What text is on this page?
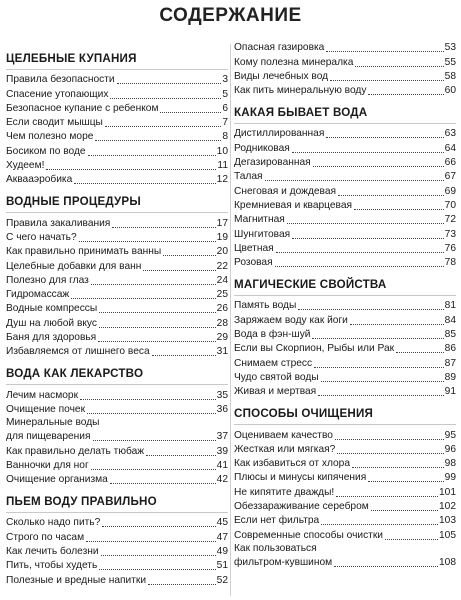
СОДЕРЖАНИЕ
ЦЕЛЕБНЫЕ КУПАНИЯ
Правила безопасности	3
Спасение утопающих	5
Безопасное купание с ребенком	6
Если сводит мышцы	7
Чем полезно море	8
Босиком по воде	10
Худеем!	11
Аквааэробика	12
ВОДНЫЕ ПРОЦЕДУРЫ
Правила закаливания	17
С чего начать?	19
Как правильно принимать ванны	20
Целебные добавки для ванн	22
Полезно для глаз	24
Гидромассаж	25
Водные компрессы	26
Душ на любой вкус	28
Баня для здоровья	29
Избавляемся от лишнего веса	31
ВОДА КАК ЛЕКАРСТВО
Лечим насморк	35
Очищение почек	36
Минеральные воды
для пищеварения	37
Как правильно делать тюбаж	39
Ванночки для ног	41
Очищение организма	42
ПЬЕМ ВОДУ ПРАВИЛЬНО
Сколько надо пить?	45
Строго по часам	47
Как лечить болезни	49
Пить, чтобы худеть	51
Полезные и вредные напитки	52
Опасная газировка	53
Кому полезна минералка	55
Виды лечебных вод	58
Как пить минеральную воду	60
КАКАЯ БЫВАЕТ ВОДА
Дистиллированная	63
Родниковая	64
Дегазированная	66
Талая	67
Снеговая и дождевая	69
Кремниевая и кварцевая	70
Магнитная	72
Шунгитовая	73
Цветная	76
Розовая	78
МАГИЧЕСКИЕ СВОЙСТВА
Память воды	81
Заряжаем воду как йоги	84
Вода в фэн-шуй	85
Если вы Скорпион, Рыбы или Рак	86
Снимаем стресс	87
Чудо святой воды	89
Живая и мертвая	91
СПОСОБЫ ОЧИЩЕНИЯ
Оцениваем качество	95
Жесткая или мягкая?	96
Как избавиться от хлора	98
Плюсы и минусы кипячения	99
Не кипятите дважды!	101
Обеззараживание серебром	102
Если нет фильтра	103
Современные способы очистки	105
Как пользоваться
фильтром-кувшином	108
